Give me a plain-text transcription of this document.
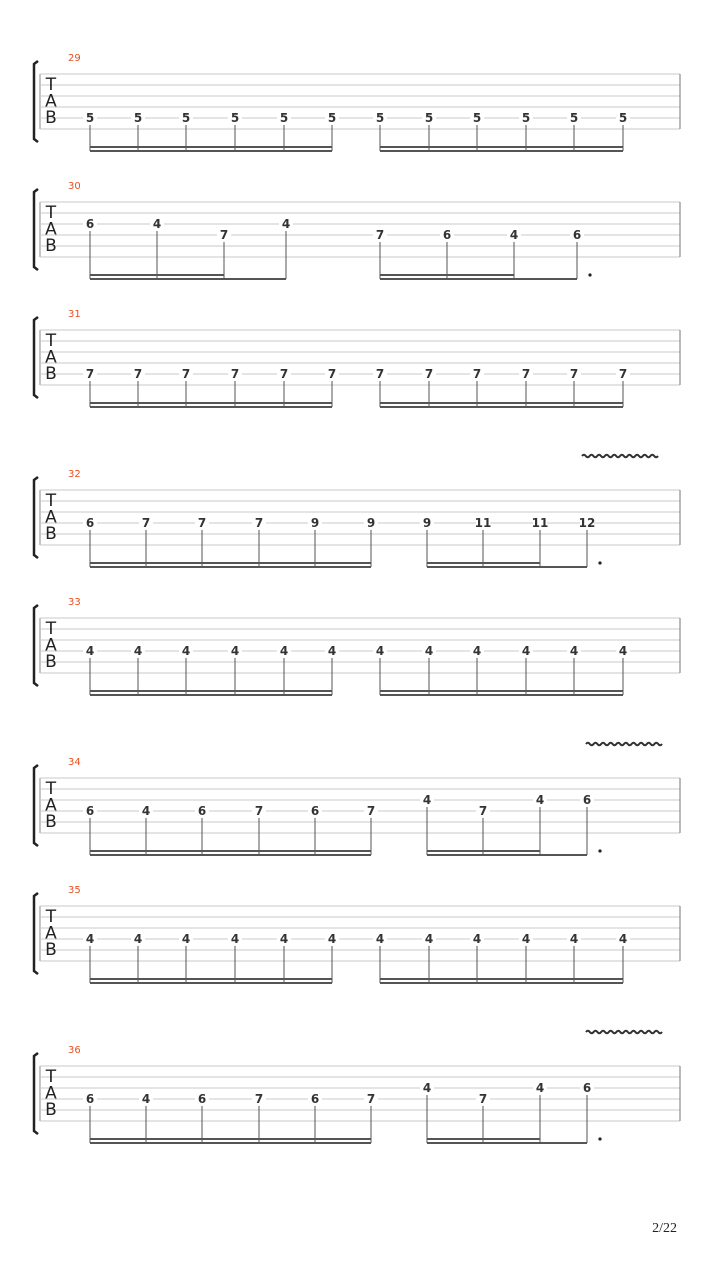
29
T
A
B 5	5	5	5	5	5	5	5	5	5	5	5
30
T
A
B
6	4
7
4
7	6	4	6
31
T
A
B 7	7	7	7	7	7	7	7	7	7	7	7
32
T
A
B
6	7	7	7	9	9	9	11	11	12
33
T
A
B
4	4	4	4	4	4	4	4	4	4	4	4
34
T
A
B
6	4	6	7	6	7
4
7
4	6
35
T
A
B
4	4	4	4	4	4	4	4	4	4	4	4
36
T
A
B
6	4	6	7	6	7
4
7
4	6
2/22
